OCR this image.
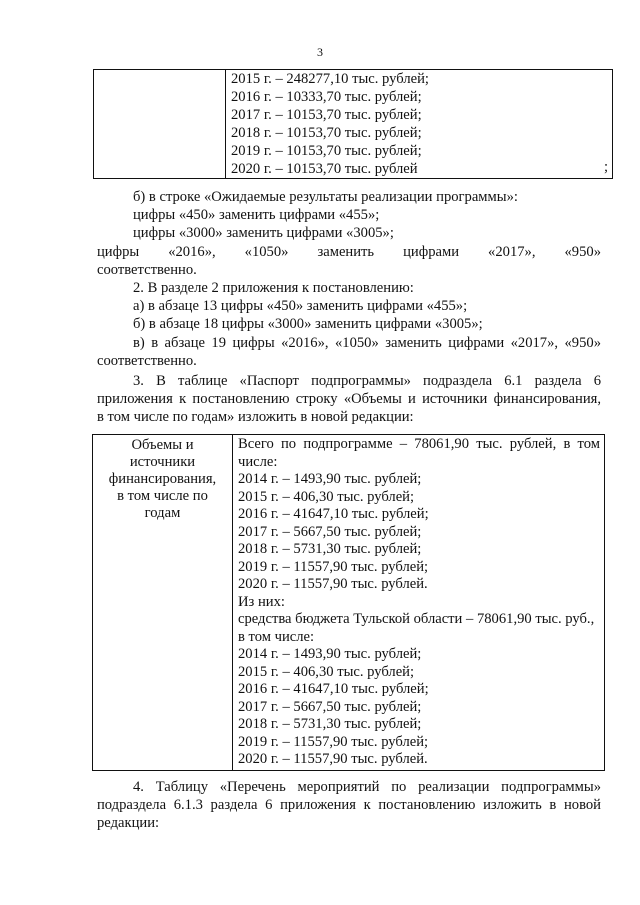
3

2015 г. – 248277,10 тыс. рублей;
2016 г. – 10333,70 тыс. рублей;
2017 г. – 10153,70 тыс. рублей;
2018 г. – 10153,70 тыс. рублей;
2019 г. – 10153,70 тыс. рублей;
2020 г. – 10153,70 тыс. рублей	;
б) в строке «Ожидаемые результаты реализации программы»:
цифры «450» заменить цифрами «455»;
цифры «3000» заменить цифрами «3005»;
цифры «2016», «1050» заменить цифрами «2017», «950»
соответственно.
2. В разделе 2 приложения к постановлению:
а) в абзаце 13 цифры «450» заменить цифрами «455»;
б) в абзаце 18 цифры «3000» заменить цифрами «3005»;
в) в абзаце 19 цифры «2016», «1050» заменить цифрами «2017», «950»
соответственно.
3. В таблице «Паспорт подпрограммы» подраздела 6.1 раздела 6
приложения к постановлению строку «Объемы и источники финансирования,
в том числе по годам» изложить в новой редакции:
Объемы и
источники
финансирования,
в том числе по
годам

Всего по подпрограмме – 78061,90 тыс. рублей, в том
числе:
2014 г. – 1493,90 тыс. рублей;
2015 г. – 406,30 тыс. рублей;
2016 г. – 41647,10 тыс. рублей;
2017 г. – 5667,50 тыс. рублей;
2018 г. – 5731,30 тыс. рублей;
2019 г. – 11557,90 тыс. рублей;
2020 г. – 11557,90 тыс. рублей.
Из них:
средства бюджета Тульской области – 78061,90 тыс. руб.,
в том числе:
2014 г. – 1493,90 тыс. рублей;
2015 г. – 406,30 тыс. рублей;
2016 г. – 41647,10 тыс. рублей;
2017 г. – 5667,50 тыс. рублей;
2018 г. – 5731,30 тыс. рублей;
2019 г. – 11557,90 тыс. рублей;
2020 г. – 11557,90 тыс. рублей.
4. Таблицу «Перечень мероприятий по реализации подпрограммы»
подраздела 6.1.3 раздела 6 приложения к постановлению изложить в новой
редакции:
